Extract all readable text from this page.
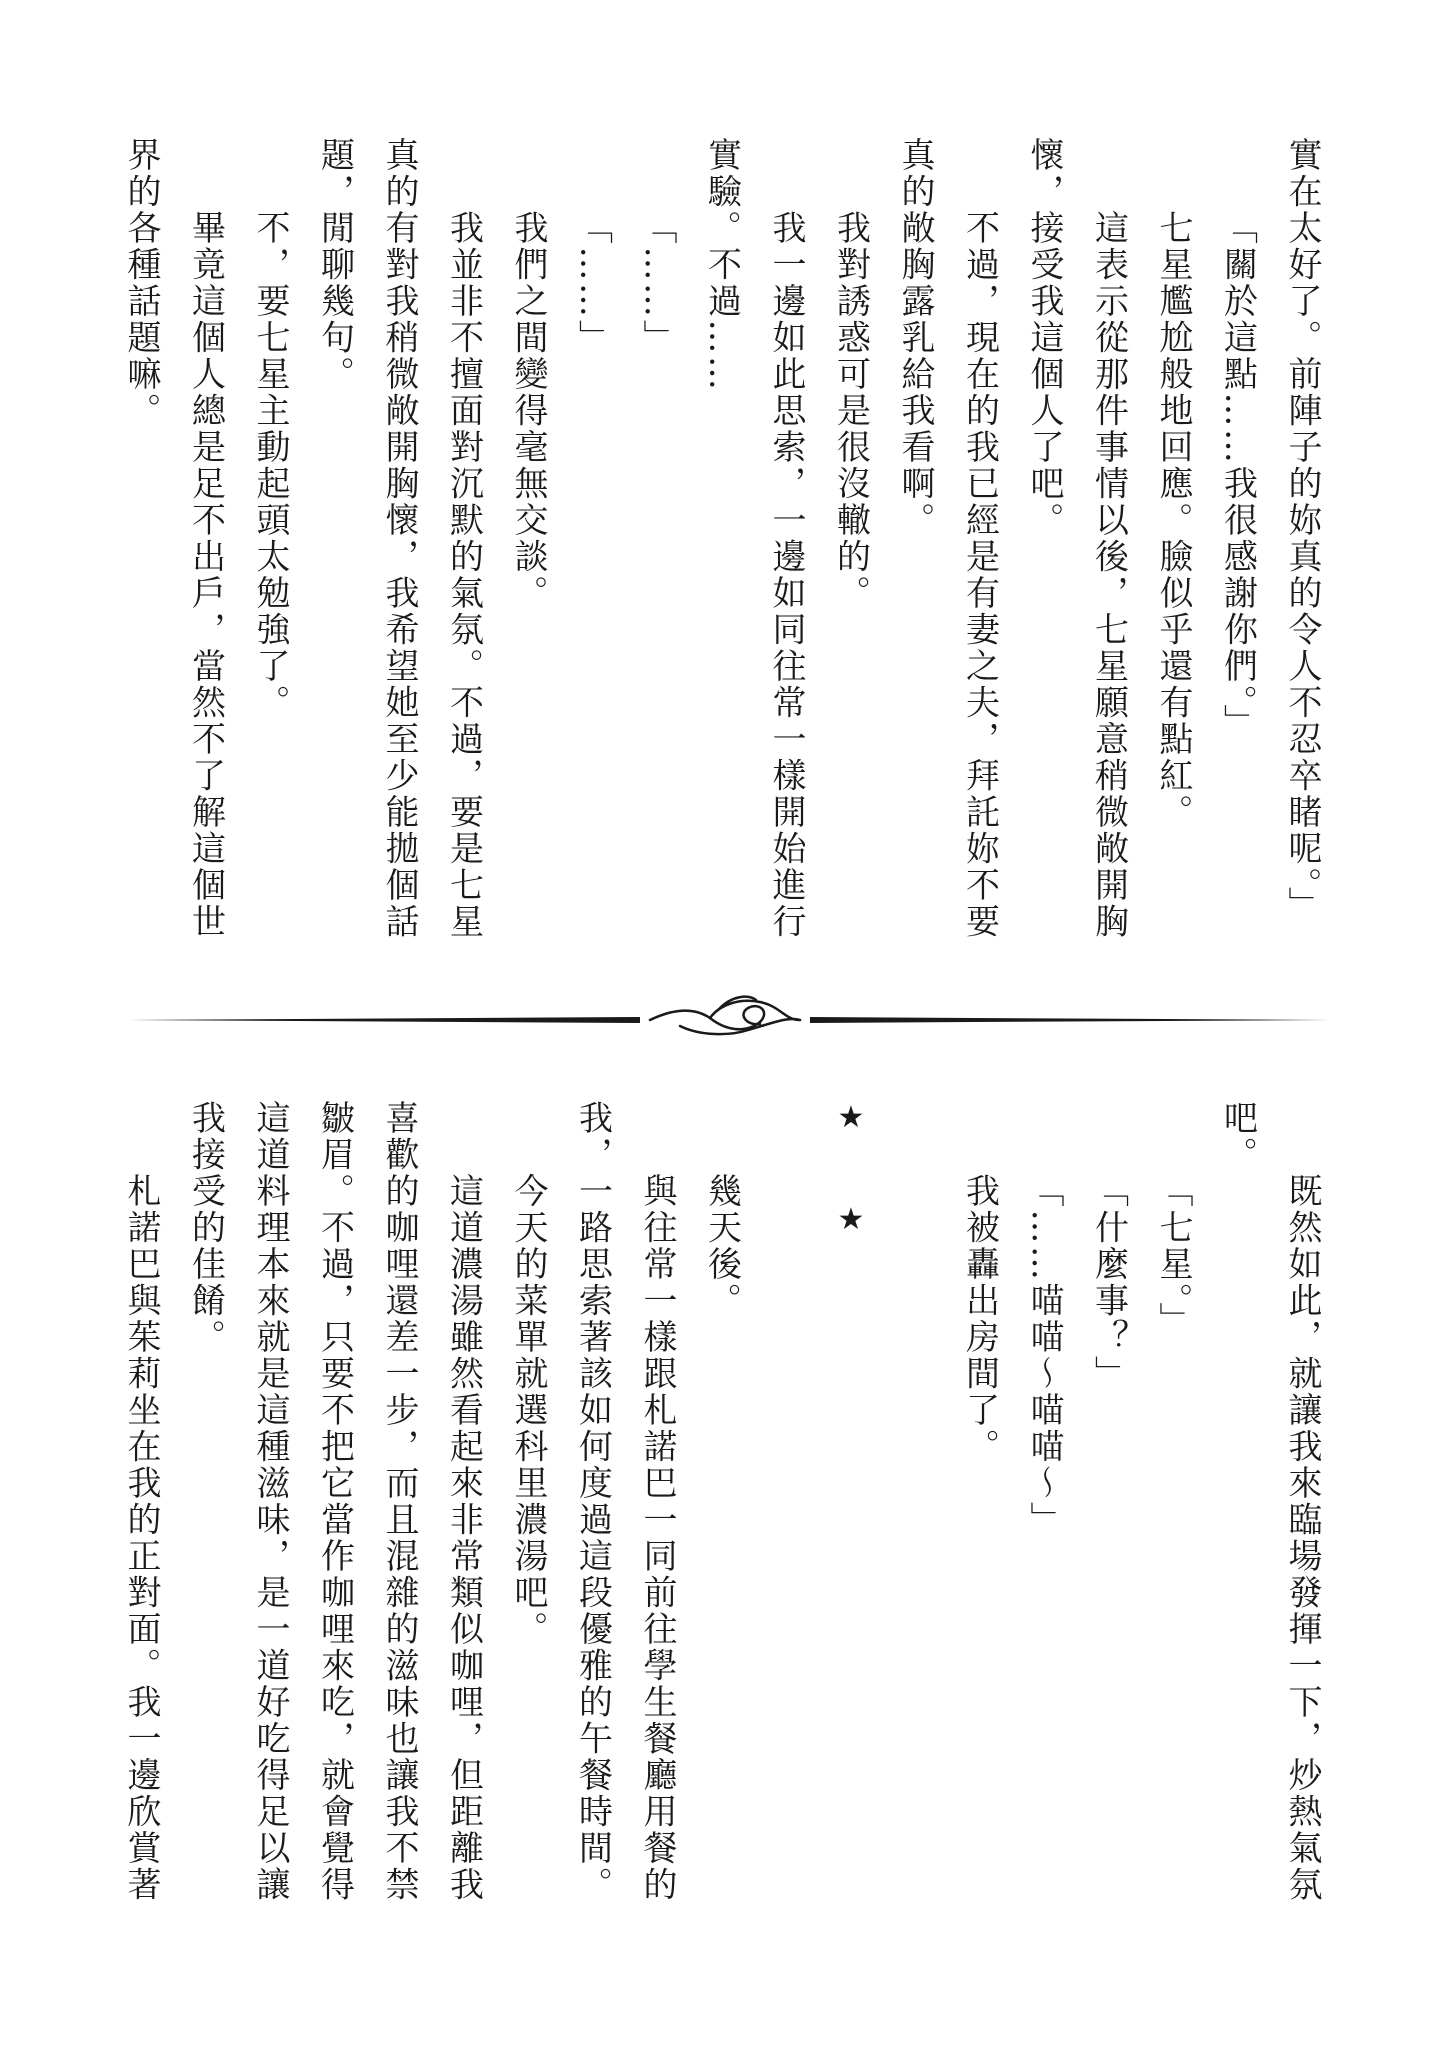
實在太好了。前陣子的妳真的令人不忍卒睹呢。」
「關於這點……我很感謝你們。」
七星尷尬般地回應。臉似乎還有點紅。
這表示從那件事情以後，七星願意稍微敞開胸
懷，接受我這個人了吧。
不過，現在的我已經是有妻之夫，拜託妳不要
真的敞胸露乳給我看啊。
我對誘惑可是很沒轍的。
我一邊如此思索，一邊如同往常一樣開始進行
實驗。不過……
「……」
「……」
我們之間變得毫無交談。
我並非不擅面對沉默的氣氛。不過，要是七星
真的有對我稍微敞開胸懷，我希望她至少能拋個話
題，閒聊幾句。
不，要七星主動起頭太勉強了。
畢竟這個人總是足不出戶，當然不了解這個世
界的各種話題嘛。
既然如此，就讓我來臨場發揮一下，炒熱氣氛
吧。
「七星。」
「什麼事？」
「……喵喵～喵喵～」
我被轟出房間了。

★  ★

幾天後。
與往常一樣跟札諾巴一同前往學生餐廳用餐的
我，一路思索著該如何度過這段優雅的午餐時間。
今天的菜單就選科里濃湯吧。
這道濃湯雖然看起來非常類似咖哩，但距離我
喜歡的咖哩還差一步，而且混雜的滋味也讓我不禁
皺眉。不過，只要不把它當作咖哩來吃，就會覺得
這道料理本來就是這種滋味，是一道好吃得足以讓
我接受的佳餚。
札諾巴與茱莉坐在我的正對面。我一邊欣賞著
